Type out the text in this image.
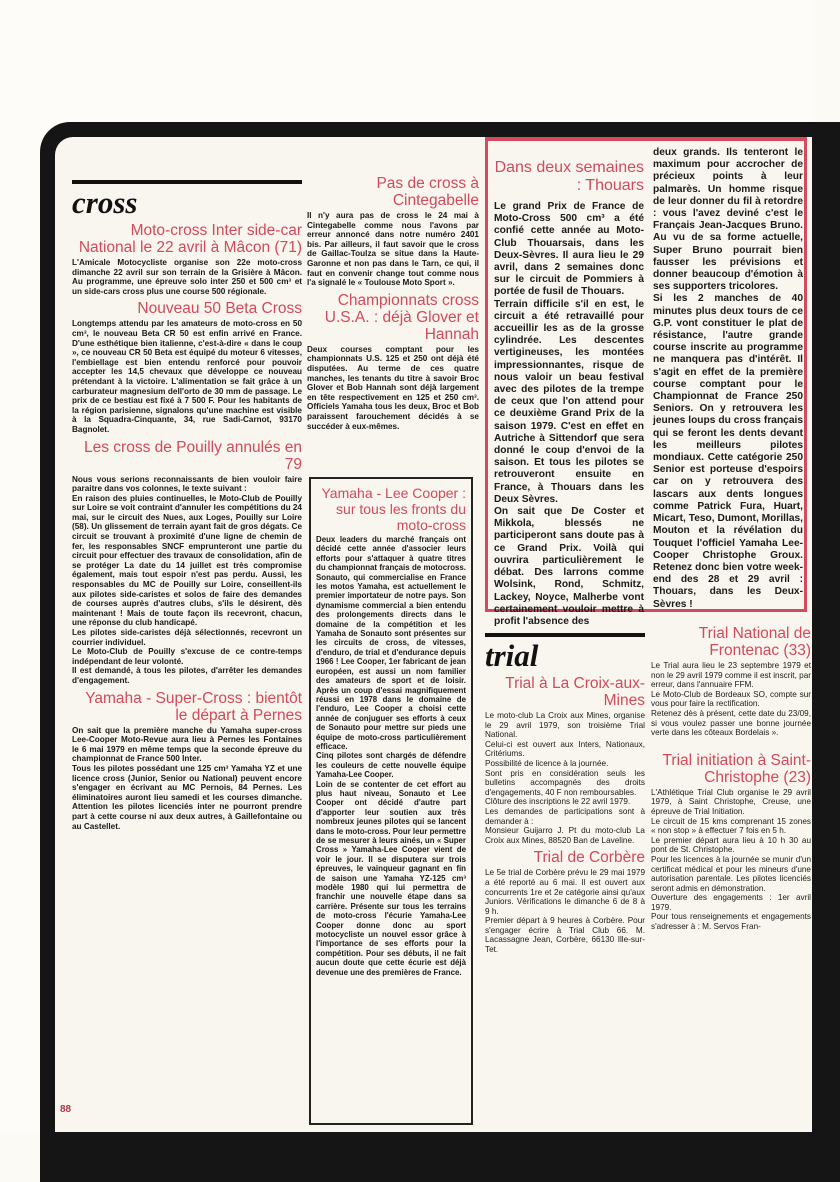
cross
Moto-cross Inter side-car National le 22 avril à Mâcon (71)

L'Amicale Motocycliste organise son 22e moto-cross dimanche 22 avril sur son terrain de la Grisière à Mâcon. Au programme, une épreuve solo inter 250 et 500 cm³ et un side-cars cross plus une course 500 régionale.

Nouveau 50 Beta Cross

Longtemps attendu par les amateurs de moto-cross en 50 cm³, le nouveau Beta CR 50 est enfin arrivé en France. D'une esthétique bien italienne, c'est-à-dire « dans le coup », ce nouveau CR 50 Beta est équipé du moteur 6 vitesses, l'embiellage est bien entendu renforcé pour pouvoir accepter les 14,5 chevaux que développe ce nouveau prétendant à la victoire. L'alimentation se fait grâce à un carburateur magnesium dell'orto de 30 mm de passage. Le prix de ce bestiau est fixé à 7 500 F. Pour les habitants de la région parisienne, signalons qu'une machine est visible à la Squadra-Cinquante, 34, rue Sadi-Carnot, 93170 Bagnolet.

Les cross de Pouilly annulés en 79

Nous vous serions reconnaissants de bien vouloir faire paraitre dans vos colonnes, le texte suivant :
En raison des pluies continuelles, le Moto-Club de Pouilly sur Loire se voit contraint d'annuler les compétitions du 24 mai, sur le circuit des Nues, aux Loges, Pouilly sur Loire (58). Un glissement de terrain ayant fait de gros dégats. Ce circuit se trouvant à proximité d'une ligne de chemin de fer, les responsables SNCF emprunteront une partie du circuit pour effectuer des travaux de consolidation, afin de se protéger La date du 14 juillet est très compromise également, mais tout espoir n'est pas perdu. Aussi, les responsables du MC de Pouilly sur Loire, conseillent-ils aux pilotes side-caristes et solos de faire des demandes de courses auprès d'autres clubs, s'ils le désirent, dès maintenant ! Mais de toute façon ils recevront, chacun, une réponse du club handicapé.
Les pilotes side-caristes déjà sélectionnés, recevront un courrier individuel.
Le Moto-Club de Pouilly s'excuse de ce contre-temps indépendant de leur volonté.
Il est demandé, à tous les pilotes, d'arrêter les demandes d'engagement.

Yamaha - Super-Cross : bientôt le départ à Pernes

On sait que la première manche du Yamaha super-cross Lee-Cooper Moto-Revue aura lieu à Pernes les Fontaines le 6 mai 1979 en même temps que la seconde épreuve du championnat de France 500 Inter.
Tous les pilotes possédant une 125 cm³ Yamaha YZ et une licence cross (Junior, Senior ou National) peuvent encore s'engager en écrivant au MC Pernois, 84 Pernes. Les éliminatoires auront lieu samedi et les courses dimanche. Attention les pilotes licenciés inter ne pourront prendre part à cette course ni aux deux autres, à Gaillefontaine ou au Castellet.

Pas de cross à Cintegabelle

Il n'y aura pas de cross le 24 mai à Cintegabelle comme nous l'avons par erreur annoncé dans notre numéro 2401 bis. Par ailleurs, il faut savoir que le cross de Gaillac-Toulza se situe dans la Haute-Garonne et non pas dans le Tarn, ce qui, il faut en convenir change tout comme nous l'a signalé le « Toulouse Moto Sport ».

Championnats cross U.S.A. : déjà Glover et Hannah

Deux courses comptant pour les championnats U.S. 125 et 250 ont déjà été disputées. Au terme de ces quatre manches, les tenants du titre à savoir Broc Glover et Bob Hannah sont déjà largement en tête respectivement en 125 et 250 cm³. Officiels Yamaha tous les deux, Broc et Bob paraissent farouchement décidés à se succéder à eux-mêmes.

Yamaha - Lee Cooper : sur tous les fronts du moto-cross

Deux leaders du marché français ont décidé cette année d'associer leurs efforts pour s'attaquer à quatre titres du championnat français de motocross. Sonauto, qui commercialise en France les motos Yamaha, est actuellement le premier importateur de notre pays. Son dynamisme commercial a bien entendu des prolongements directs dans le domaine de la compétition et les Yamaha de Sonauto sont présentes sur les circuits de cross, de vitesses, d'enduro, de trial et d'endurance depuis 1966 ! Lee Cooper, 1er fabricant de jean européen, est aussi un nom familier des amateurs de sport et de loisir. Après un coup d'essai magnifiquement réussi en 1978 dans le domaine de l'enduro, Lee Cooper a choisi cette année de conjuguer ses efforts à ceux de Sonauto pour mettre sur pieds une équipe de moto-cross particulièrement efficace.
Cinq pilotes sont chargés de défendre les couleurs de cette nouvelle équipe Yamaha-Lee Cooper.
Loin de se contenter de cet effort au plus haut niveau, Sonauto et Lee Cooper ont décidé d'autre part d'apporter leur soutien aux très nombreux jeunes pilotes qui se lancent dans le moto-cross. Pour leur permettre de se mesurer à leurs ainés, un « Super Cross » Yamaha-Lee Cooper vient de voir le jour. Il se disputera sur trois épreuves, le vainqueur gagnant en fin de saison une Yamaha YZ-125 cm³ modèle 1980 qui lui permettra de franchir une nouvelle étape dans sa carrière. Présente sur tous les terrains de moto-cross l'écurie Yamaha-Lee Cooper donne donc au sport motocycliste un nouvel essor grâce à l'importance de ses efforts pour la compétition. Pour ses débuts, il ne fait aucun doute que cette écurie est déjà devenue une des premières de France.

Dans deux semaines : Thouars

Le grand Prix de France de Moto-Cross 500 cm³ a été confié cette année au Moto-Club Thouarsais, dans les Deux-Sèvres. Il aura lieu le 29 avril, dans 2 semaines donc sur le circuit de Pommiers à portée de fusil de Thouars.
Terrain difficile s'il en est, le circuit a été retravaillé pour accueillir les as de la grosse cylindrée. Les descentes vertigineuses, les montées impressionnantes, risque de nous valoir un beau festival avec des pilotes de la trempe de ceux que l'on attend pour ce deuxième Grand Prix de la saison 1979. C'est en effet en Autriche à Sittendorf que sera donné le coup d'envoi de la saison. Et tous les pilotes se retrouveront ensuite en France, à Thouars dans les Deux Sèvres.
On sait que De Coster et Mikkola, blessés ne participeront sans doute pas à ce Grand Prix. Voilà qui ouvrira particulièrement le débat. Des larrons comme Wolsink, Rond, Schmitz, Lackey, Noyce, Malherbe vont certainement vouloir mettre à profit l'absence des

deux grands. Ils tenteront le maximum pour accrocher de précieux points à leur palmarès. Un homme risque de leur donner du fil à retordre : vous l'avez deviné c'est le Français Jean-Jacques Bruno. Au vu de sa forme actuelle, Super Bruno pourrait bien fausser les prévisions et donner beaucoup d'émotion à ses supporters tricolores.
Si les 2 manches de 40 minutes plus deux tours de ce G.P. vont constituer le plat de résistance, l'autre grande course inscrite au programme ne manquera pas d'intérêt. Il s'agit en effet de la première course comptant pour le Championnat de France 250 Seniors. On y retrouvera les jeunes loups du cross français qui se feront les dents devant les meilleurs pilotes mondiaux. Cette catégorie 250 Senior est porteuse d'espoirs car on y retrouvera des lascars aux dents longues comme Patrick Fura, Huart, Micart, Teso, Dumont, Morillas, Mouton et la révélation du Touquet l'officiel Yamaha Lee-Cooper Christophe Groux. Retenez donc bien votre week-end des 28 et 29 avril : Thouars, dans les Deux-Sèvres !

trial
Trial à La Croix-aux-Mines

Le moto-club La Croix aux Mines, organise le 29 avril 1979, son troisième Trial National.
Celui-ci est ouvert aux Inters, Nationaux, Critériums.
Possibilité de licence à la journée.
Sont pris en considération seuls les bulletins accompagnés des droits d'engagements, 40 F non remboursables.
Clôture des inscriptions le 22 avril 1979.
Les demandes de participations sont à demander à :
Monsieur Guijarro J. Pt du moto-club La Croix aux Mines, 88520 Ban de Laveline.

Trial de Corbère

Le 5e trial de Corbère prévu le 29 mai 1979 a été reporté au 6 mai. Il est ouvert aux concurrents 1re et 2e catégorie ainsi qu'aux Juniors. Vérifications le dimanche 6 de 8 à 9 h.
Premier départ à 9 heures à Corbère. Pour s'engager écrire à Trial Club 66. M. Lacassagne Jean, Corbère, 66130 Ille-sur-Tet.

Trial National de Frontenac (33)

Le Trial aura lieu le 23 septembre 1979 et non le 29 avril 1979 comme il est inscrit, par erreur, dans l'annuaire FFM.
Le Moto-Club de Bordeaux SO, compte sur vous pour faire la rectification.
Retenez dès à présent, cette date du 23/09, si vous voulez passer une bonne journée verte dans les côteaux Bordelais ».

Trial initiation à Saint-Christophe (23)

L'Athlétique Trial Club organise le 29 avril 1979, à Saint Christophe, Creuse, une épreuve de Trial Initiation.
Le circuit de 15 kms comprenant 15 zones « non stop » à effectuer 7 fois en 5 h.
Le premier départ aura lieu à 10 h 30 au pont de St. Christophe.
Pour les licences à la journée se munir d'un certificat médical et pour les mineurs d'une autorisation parentale. Les pilotes licenciés seront admis en démonstration.
Ouverture des engagements : 1er avril 1979.
Pour tous renseignements et engagements s'adresser à : M. Servos Fran-

88
